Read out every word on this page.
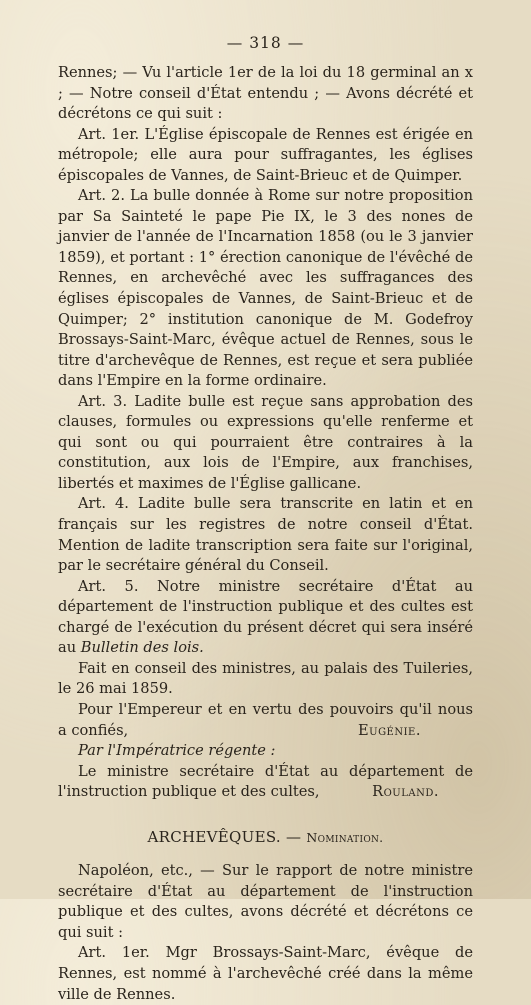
— 318 —

Rennes; — Vu l'article 1er de la loi du 18 germinal an x ; — Notre conseil d'État entendu ; — Avons décrété et décrétons ce qui suit :

Art. 1er. L'Église épiscopale de Rennes est érigée en métropole; elle aura pour suffragantes, les églises épiscopales de Vannes, de Saint-Brieuc et de Quimper.

Art. 2. La bulle donnée à Rome sur notre proposition par Sa Sainteté le pape Pie IX, le 3 des nones de janvier de l'année de l'Incarnation 1858 (ou le 3 janvier 1859), et portant : 1° érection canonique de l'évêché de Rennes, en archevêché avec les suffragances des églises épiscopales de Vannes, de Saint-Brieuc et de Quimper; 2° institution canonique de M. Godefroy Brossays-Saint-Marc, évêque actuel de Rennes, sous le titre d'archevêque de Rennes, est reçue et sera publiée dans l'Empire en la forme ordinaire.

Art. 3. Ladite bulle est reçue sans approbation des clauses, formules ou expressions qu'elle renferme et qui sont ou qui pourraient être contraires à la constitution, aux lois de l'Empire, aux franchises, libertés et maximes de l'Église gallicane.

Art. 4. Ladite bulle sera transcrite en latin et en français sur les registres de notre conseil d'État. Mention de ladite transcription sera faite sur l'original, par le secrétaire général du Conseil.

Art. 5. Notre ministre secrétaire d'État au département de l'instruction publique et des cultes est chargé de l'exécution du présent décret qui sera inséré au Bulletin des lois.

Fait en conseil des ministres, au palais des Tuileries, le 26 mai 1859.

Pour l'Empereur et en vertu des pouvoirs qu'il nous a confiés,	Eugénie.

Par l'Impératrice régente :

Le ministre secrétaire d'État au département de l'instruction publique et des cultes,	Rouland.
ARCHEVÊQUES. — Nomination.

Napoléon, etc., — Sur le rapport de notre ministre secrétaire d'État au département de l'instruction publique et des cultes, avons décrété et décrétons ce qui suit :

Art. 1er. Mgr Brossays-Saint-Marc, évêque de Rennes, est nommé à l'archevêché créé dans la même ville de Rennes.
